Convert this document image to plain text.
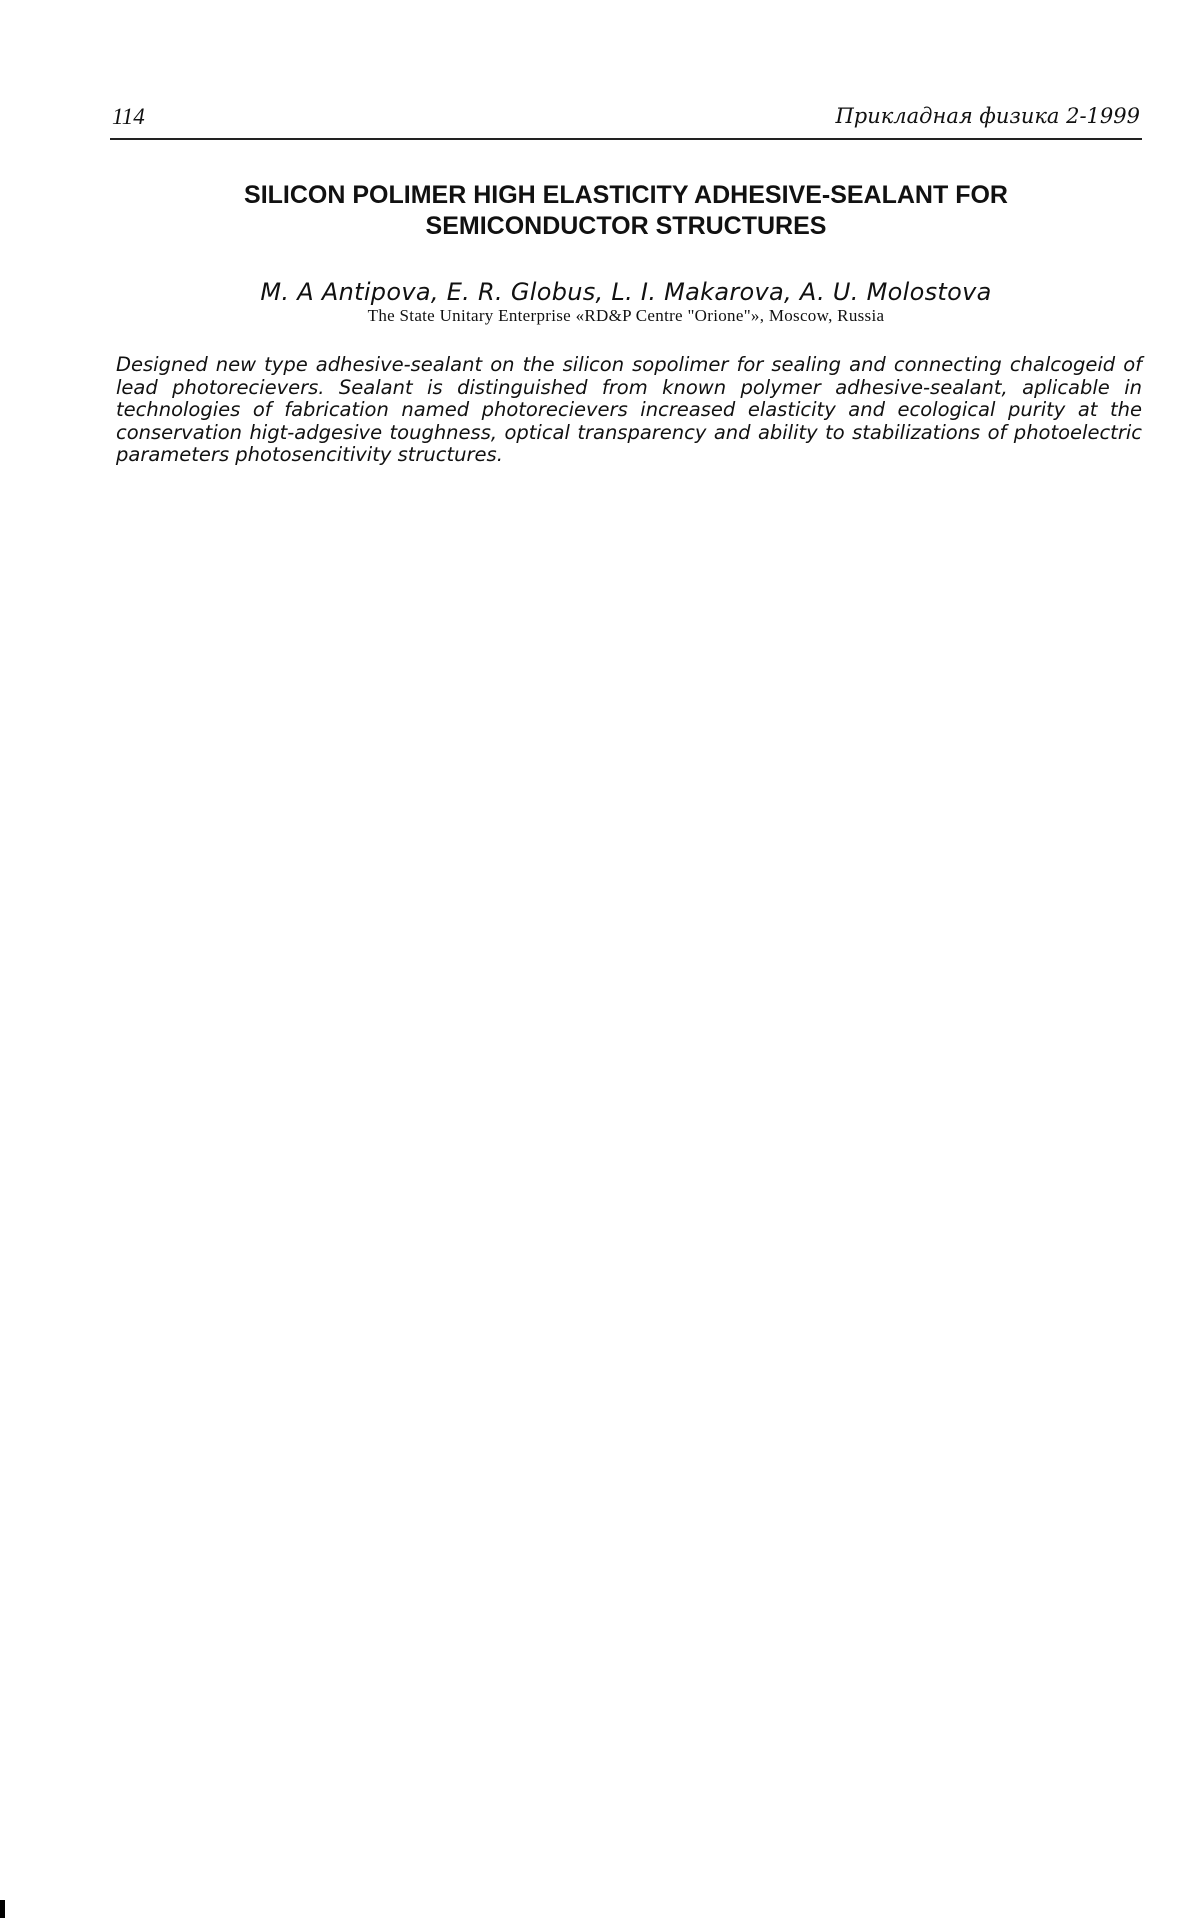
114	Прикладная физика 2-1999
SILICON POLIMER HIGH ELASTICITY ADHESIVE-SEALANT FOR
SEMICONDUCTOR STRUCTURES
M. A Antipova, E. R. Globus, L. I. Makarova, A. U. Molostova
The State Unitary Enterprise «RD&P Centre "Orione"», Moscow, Russia

Designed new type adhesive-sealant on the silicon sopolimer for sealing and connecting chalcogeid of lead photorecievers. Sealant is distinguished from known polymer adhesive-sealant, aplicable in technologies of fabrication named photorecievers increased elasticity and ecological purity at the conservation higt-adgesive toughness, optical transparency and ability to stabilizations of photoelectric parameters photosencitivity structures.
